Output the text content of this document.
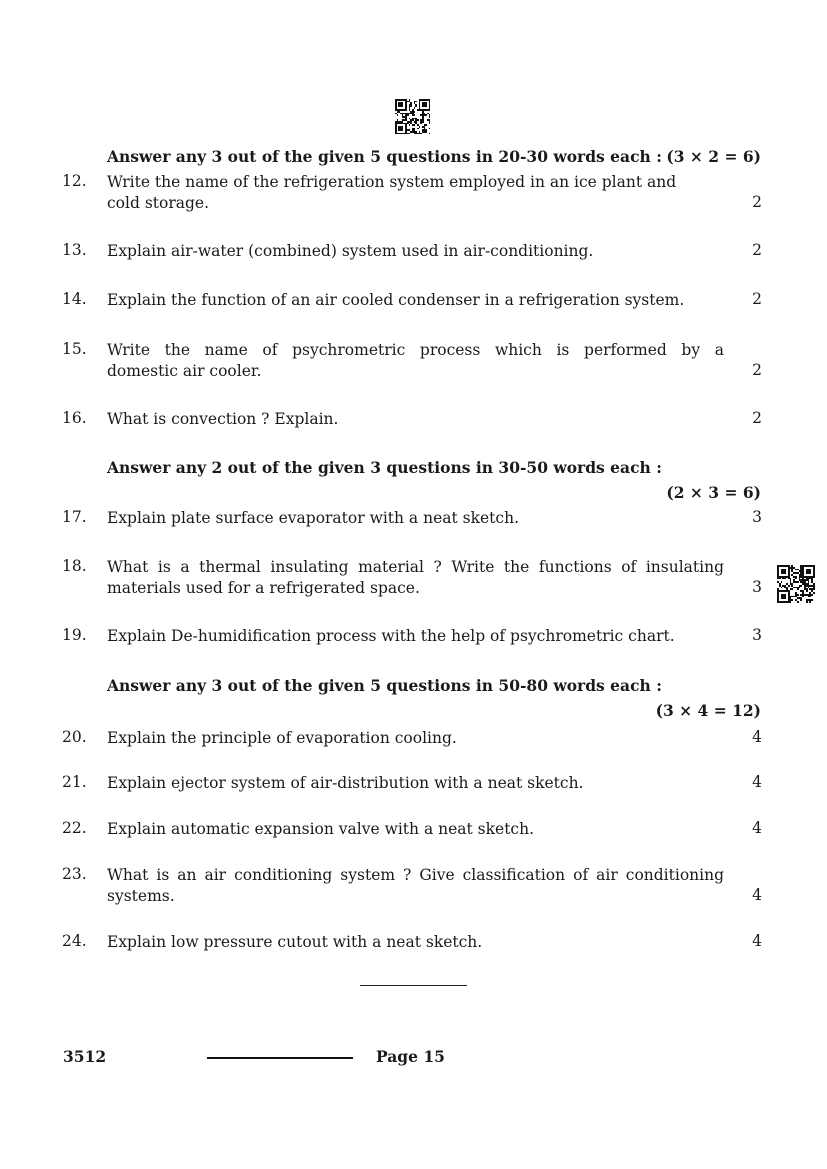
Answer any 3 out of the given 5 questions in 20-30 words each : (3 × 2 = 6)
12.	Write the name of the refrigeration system employed in an ice plant and
cold storage.	2
13.	Explain air-water (combined) system used in air-conditioning.	2
14.	Explain the function of an air cooled condenser in a refrigeration system.	2
15.	Write the name of psychrometric process which is performed by a
domestic air cooler.	2
16.	What is convection ? Explain.	2
Answer any 2 out of the given 3 questions in 30-50 words each :
(2 × 3 = 6)
17.	Explain plate surface evaporator with a neat sketch.	3
18.	What is a thermal insulating material ? Write the functions of insulating
materials used for a refrigerated space.	3
19.	Explain De-humidification process with the help of psychrometric chart.	3
Answer any 3 out of the given 5 questions in 50-80 words each :
(3 × 4 = 12)
20.	Explain the principle of evaporation cooling.	4
21.	Explain ejector system of air-distribution with a neat sketch.	4
22.	Explain automatic expansion valve with a neat sketch.	4
23.	What is an air conditioning system ? Give classification of air conditioning
systems.	4
24.	Explain low pressure cutout with a neat sketch.	4
3512	Page 15
